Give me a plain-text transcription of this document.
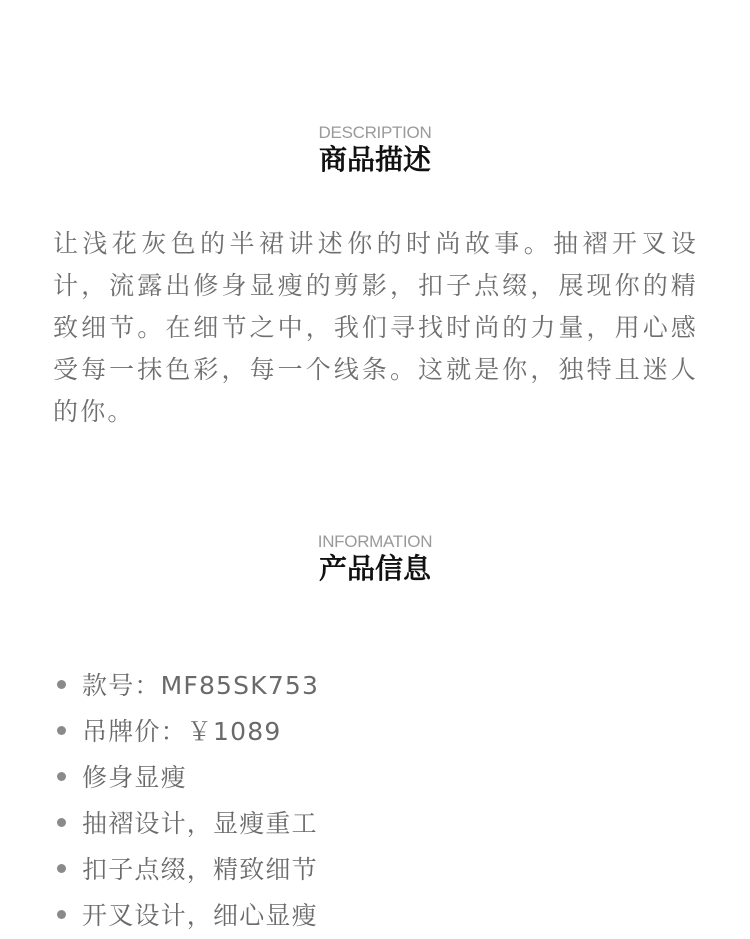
DESCRIPTION
商品描述

让浅花灰色的半裙讲述你的时尚故事。抽褶开叉设计，流露出修身显瘦的剪影，扣子点缀，展现你的精致细节。在细节之中，我们寻找时尚的力量，用心感受每一抹色彩，每一个线条。这就是你，独特且迷人的你。

INFORMATION
产品信息
款号：MF85SK753
吊牌价：￥1089
修身显瘦
抽褶设计，显瘦重工
扣子点缀，精致细节
开叉设计，细心显瘦
